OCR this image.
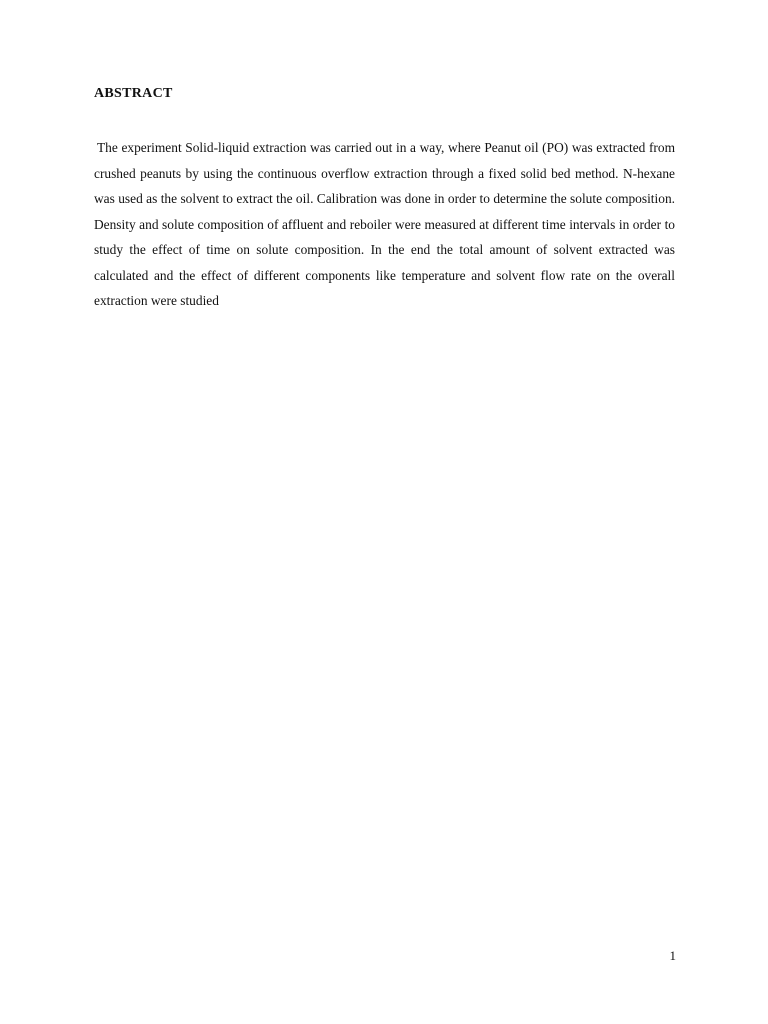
ABSTRACT

The experiment Solid-liquid extraction was carried out in a way, where Peanut oil (PO) was extracted from crushed peanuts by using the continuous overflow extraction through a fixed solid bed method. N-hexane was used as the solvent to extract the oil. Calibration was done in order to determine the solute composition. Density and solute composition of affluent and reboiler were measured at different time intervals in order to study the effect of time on solute composition. In the end the total amount of solvent extracted was calculated and the effect of different components like temperature and solvent flow rate on the overall extraction were studied

1
